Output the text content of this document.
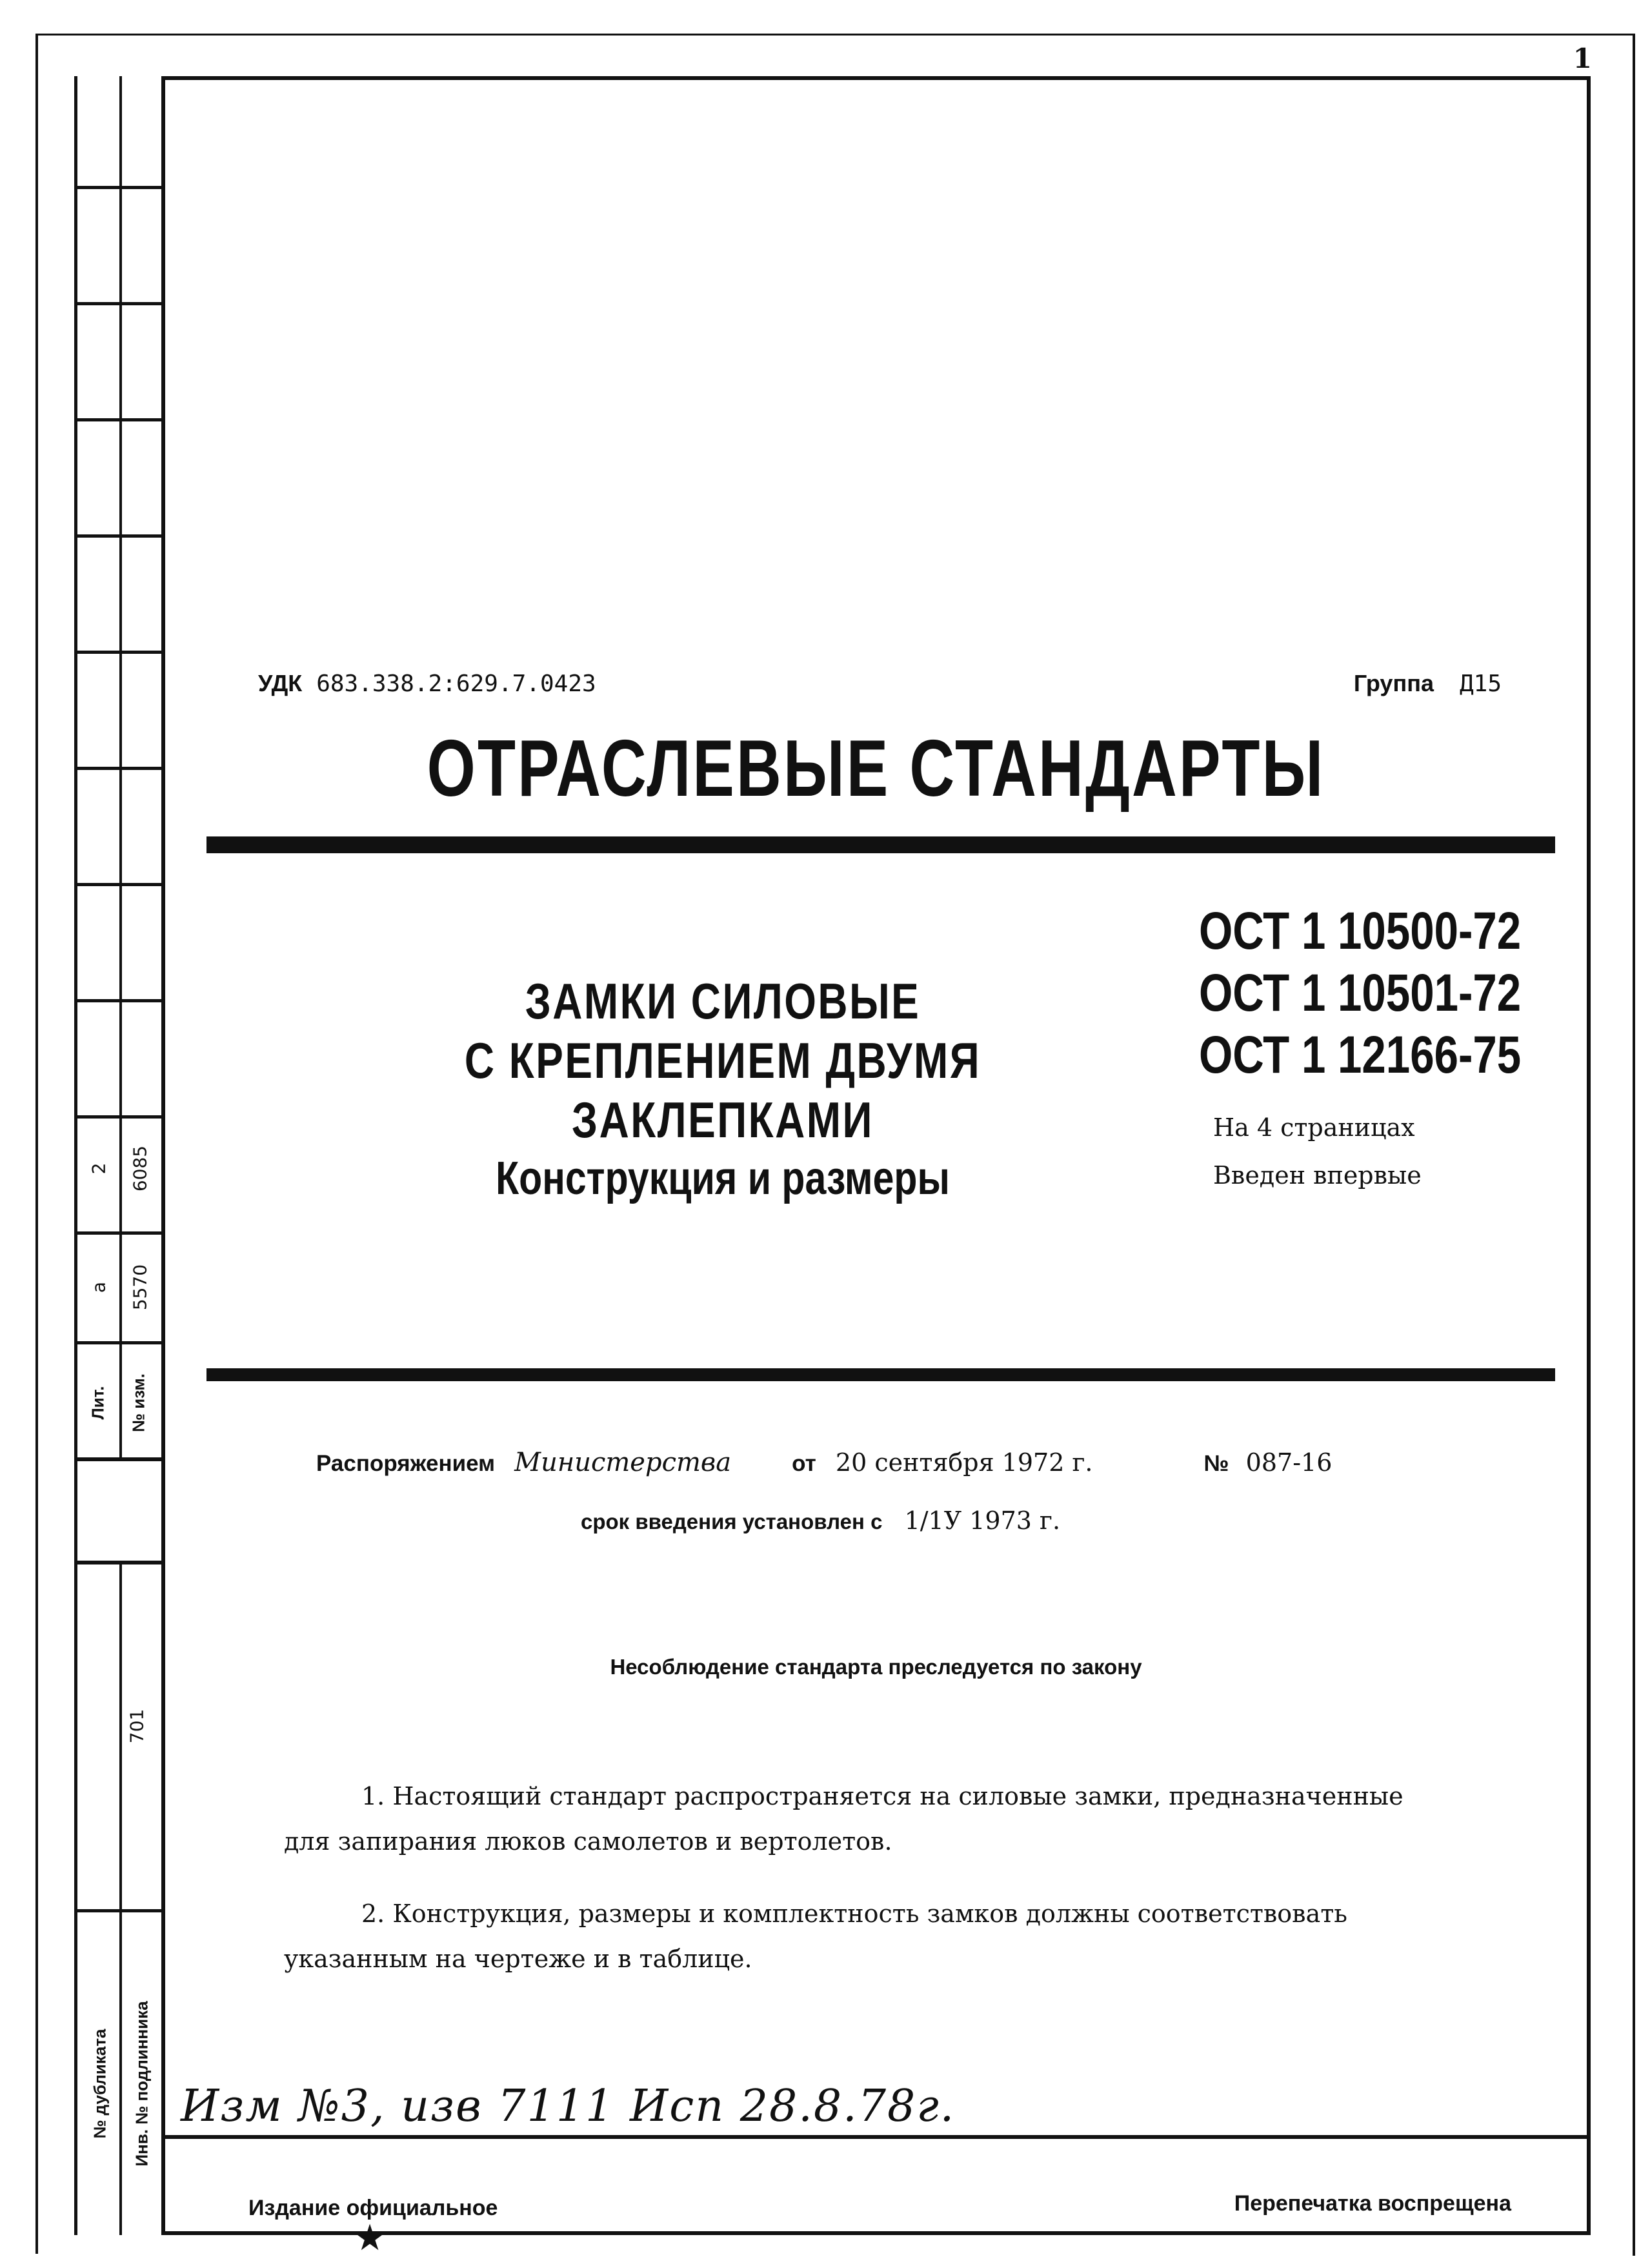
1
2 6085
а 5570
Лит. № изм.
701
№ дубликата Инв. № подлинника
УДК 683.338.2:629.7.0423	Группа Д15
ОТРАСЛЕВЫЕ СТАНДАРТЫ
ЗАМКИ СИЛОВЫЕ
С КРЕПЛЕНИЕМ ДВУМЯ ЗАКЛЕПКАМИ
Конструкция и размеры
ОСТ 1 10500-72
ОСТ 1 10501-72
ОСТ 1 12166-75
На 4 страницах
Введен впервые
Распоряжением Министерства	от 20 сентября 1972 г.	№ 087-16
срок введения установлен с 1/1У 1973 г.
Несоблюдение стандарта преследуется по закону
1. Настоящий стандарт распространяется на силовые замки, предназначенные
для запирания люков самолетов и вертолетов.
2. Конструкция, размеры и комплектность замков должны соответствовать
указанным на чертеже и в таблице.
Изм №3, изв 7111 Исп 28.8.78г.
Издание официальное
★
Перепечатка воспрещена
